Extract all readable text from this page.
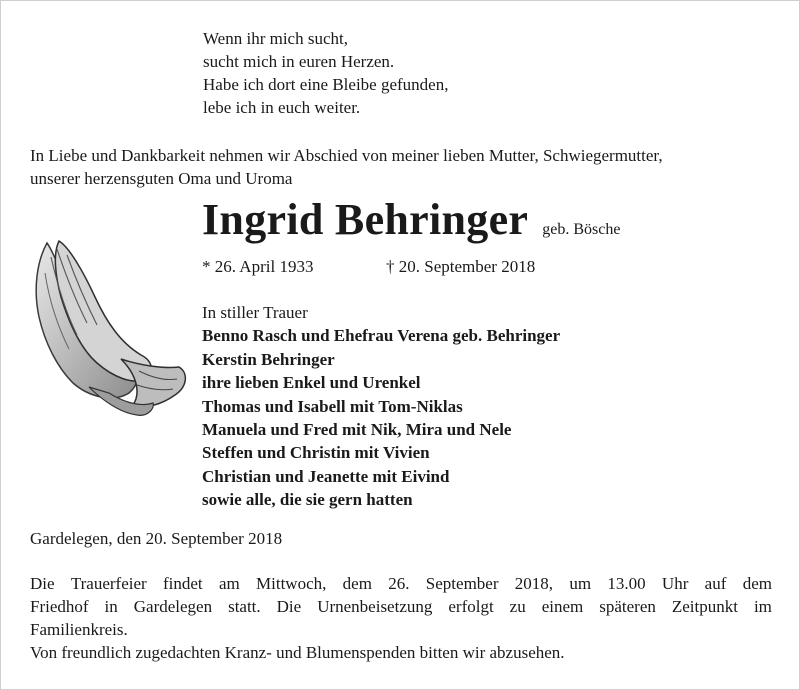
Wenn ihr mich sucht,
sucht mich in euren Herzen.
Habe ich dort eine Bleibe gefunden,
lebe ich in euch weiter.
In Liebe und Dankbarkeit nehmen wir Abschied von meiner lieben Mutter, Schwiegermutter,
unserer herzensguten Oma und Uroma
Ingrid Behringer geb. Bösche
* 26. April 1933	† 20. September 2018
In stiller Trauer
Benno Rasch und Ehefrau Verena geb. Behringer
Kerstin Behringer
ihre lieben Enkel und Urenkel
Thomas und Isabell mit Tom-Niklas
Manuela und Fred mit Nik, Mira und Nele
Steffen und Christin mit Vivien
Christian und Jeanette mit Eivind
sowie alle, die sie gern hatten
Gardelegen, den 20. September 2018
Die Trauerfeier findet am Mittwoch, dem 26. September 2018, um 13.00 Uhr auf dem
Friedhof in Gardelegen statt. Die Urnenbeisetzung erfolgt zu einem späteren Zeitpunkt im
Familienkreis.
Von freundlich zugedachten Kranz- und Blumenspenden bitten wir abzusehen.
